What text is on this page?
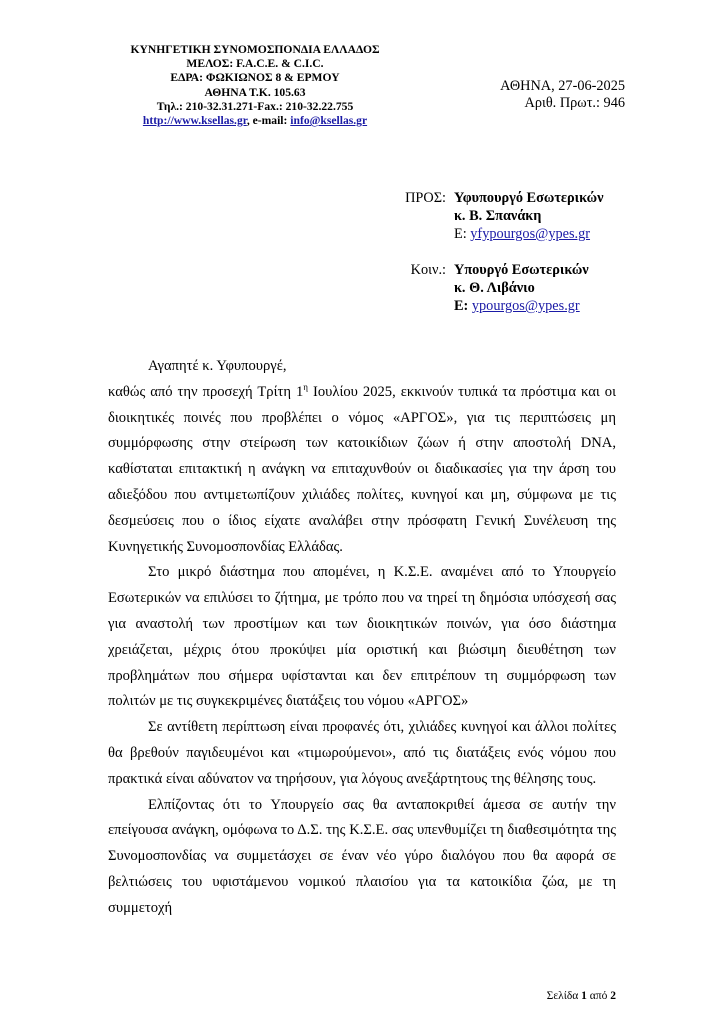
ΚΥΝΗΓΕΤΙΚΗ ΣΥΝΟΜΟΣΠΟΝΔΙΑ ΕΛΛΑΔΟΣ
ΜΕΛΟΣ: F.A.C.E. & C.I.C.
ΕΔΡΑ: ΦΩΚΙΩΝΟΣ 8 & ΕΡΜΟΥ
ΑΘΗΝΑ Τ.Κ. 105.63
Τηλ.: 210-32.31.271-Fax.: 210-32.22.755
http://www.ksellas.gr, e-mail: info@ksellas.gr
ΑΘΗΝΑ, 27-06-2025
Αριθ. Πρωτ.: 946
ΠΡΟΣ: Υφυπουργό Εσωτερικών
κ. Β. Σπανάκη
Ε: yfypourgos@ypes.gr
Κοιν.: Υπουργό Εσωτερικών
κ. Θ. Λιβάνιο
Ε: ypourgos@ypes.gr

Αγαπητέ κ. Υφυπουργέ,

καθώς από την προσεχή Τρίτη $1^\eta$ Ιουλίου 2025, εκκινούν τυπικά τα πρόστιμα και οι διοικητικές ποινές που προβλέπει ο νόμος «ΑΡΓΟΣ», για τις περιπτώσεις μη συμμόρφωσης στην στείρωση των κατοικίδιων ζώων ή στην αποστολή DNA, καθίσταται επιτακτική η ανάγκη να επιταχυνθούν οι διαδικασίες για την άρση του αδιεξόδου που αντιμετωπίζουν χιλιάδες πολίτες, κυνηγοί και μη, σύμφωνα με τις δεσμεύσεις που ο ίδιος είχατε αναλάβει στην πρόσφατη Γενική Συνέλευση της Κυνηγετικής Συνομοσπονδίας Ελλάδας.

Στο μικρό διάστημα που απομένει, η Κ.Σ.Ε. αναμένει από το Υπουργείο Εσωτερικών να επιλύσει το ζήτημα, με τρόπο που να τηρεί τη δημόσια υπόσχεσή σας για αναστολή των προστίμων και των διοικητικών ποινών, για όσο διάστημα χρειάζεται, μέχρις ότου προκύψει μία οριστική και βιώσιμη διευθέτηση των προβλημάτων που σήμερα υφίστανται και δεν επιτρέπουν τη συμμόρφωση των πολιτών με τις συγκεκριμένες διατάξεις του νόμου «ΑΡΓΟΣ»

Σε αντίθετη περίπτωση είναι προφανές ότι, χιλιάδες κυνηγοί και άλλοι πολίτες θα βρεθούν παγιδευμένοι και «τιμωρούμενοι», από τις διατάξεις ενός νόμου που πρακτικά είναι αδύνατον να τηρήσουν, για λόγους ανεξάρτητους της θέλησης τους.

Ελπίζοντας ότι το Υπουργείο σας θα ανταποκριθεί άμεσα σε αυτήν την επείγουσα ανάγκη, ομόφωνα το Δ.Σ. της Κ.Σ.Ε. σας υπενθυμίζει τη διαθεσιμότητα της Συνομοσπονδίας να συμμετάσχει σε έναν νέο γύρο διαλόγου που θα αφορά σε βελτιώσεις του υφιστάμενου νομικού πλαισίου για τα κατοικίδια ζώα, με τη συμμετοχή

Σελίδα 1 από 2
